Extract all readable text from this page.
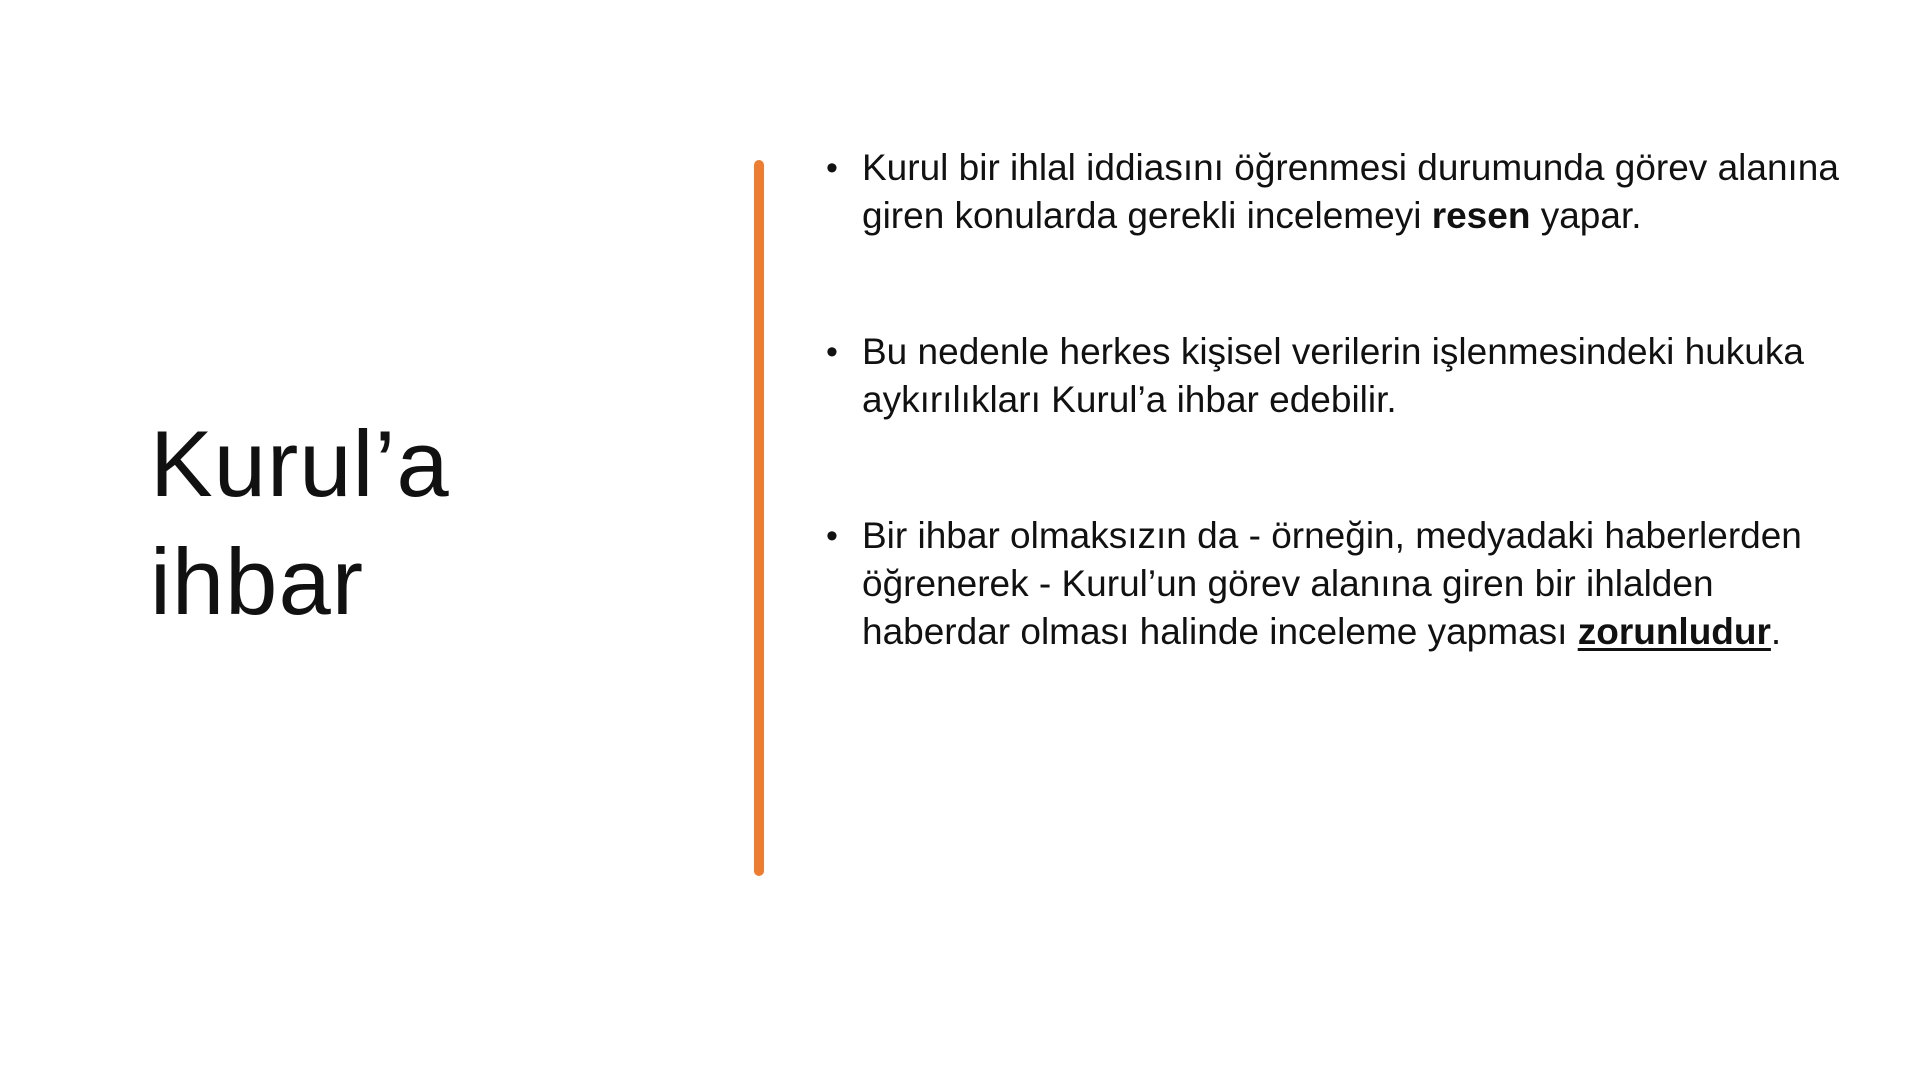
Kurul’a
ihbar
• Kurul bir ihlal iddiasını öğrenmesi durumunda görev alanına giren konularda gerekli incelemeyi resen yapar.
• Bu nedenle herkes kişisel verilerin işlenmesindeki hukuka aykırılıkları Kurul’a ihbar edebilir.
• Bir ihbar olmaksızın da - örneğin, medyadaki haberlerden öğrenerek - Kurul’un görev alanına giren bir ihlalden haberdar olması halinde inceleme yapması zorunludur.
